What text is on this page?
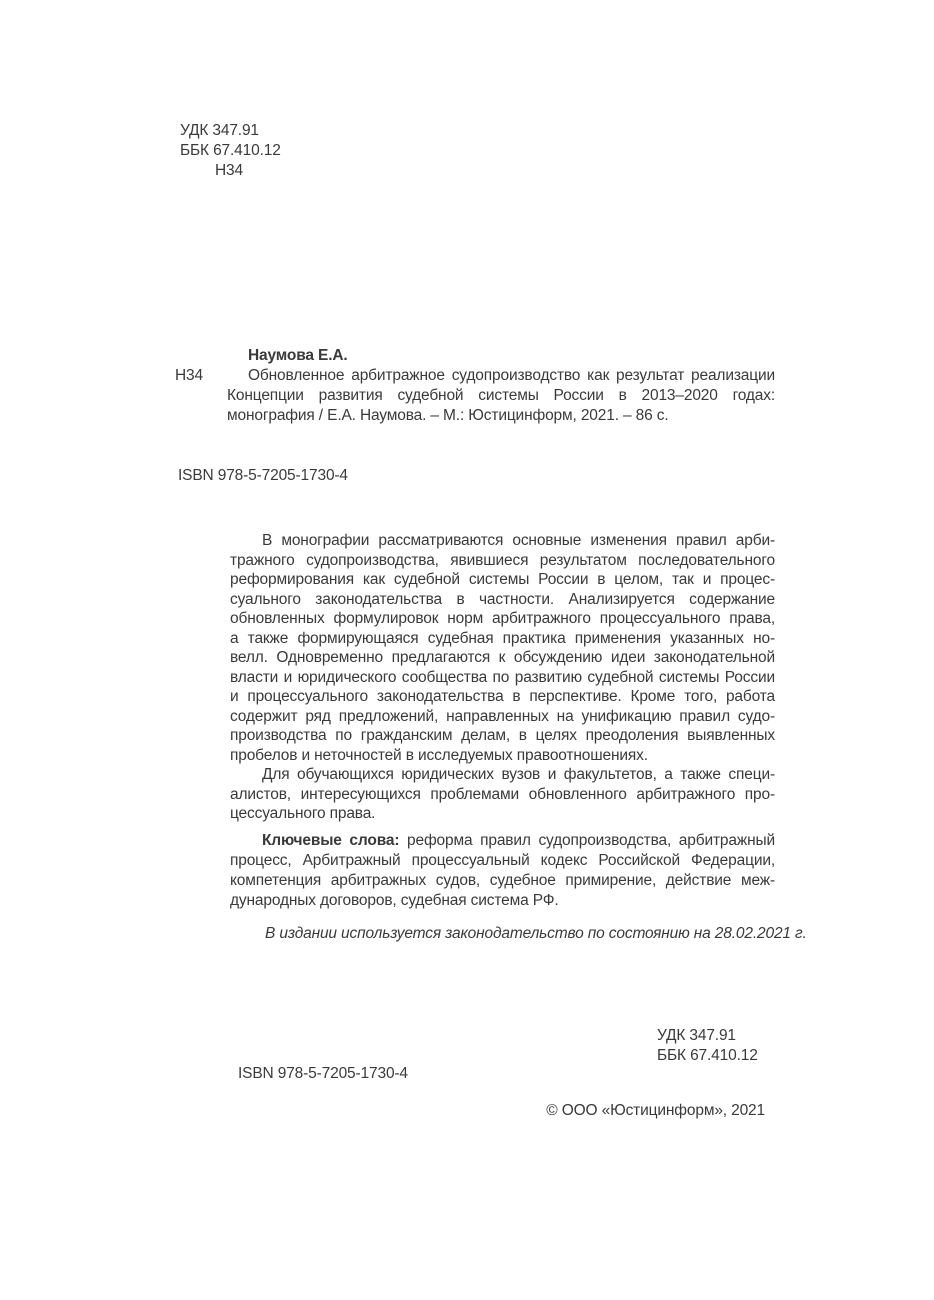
УДК 347.91
ББК 67.410.12
Н34
Н34
Наумова Е.А.
Обновленное арбитражное судопроизводство как результат реализации
Концепции развития судебной системы России в 2013–2020 годах:
монография / Е.А. Наумова. – М.: Юстицинформ, 2021. – 86 с.
ISBN 978-5-7205-1730-4
В монографии рассматриваются основные изменения правил арби-
тражного судопроизводства, явившиеся результатом последовательного
реформирования как судебной системы России в целом, так и процес-
суального законодательства в частности. Анализируется содержание
обновленных формулировок норм арбитражного процессуального права,
а также формирующаяся судебная практика применения указанных но-
велл. Одновременно предлагаются к обсуждению идеи законодательной
власти и юридического сообщества по развитию судебной системы России
и процессуального законодательства в перспективе. Кроме того, работа
содержит ряд предложений, направленных на унификацию правил судо-
производства по гражданским делам, в целях преодоления выявленных
пробелов и неточностей в исследуемых правоотношениях.
Для обучающихся юридических вузов и факультетов, а также специ-
алистов, интересующихся проблемами обновленного арбитражного про-
цессуального права.
Ключевые слова: реформа правил судопроизводства, арбитражный
процесс, Арбитражный процессуальный кодекс Российской Федерации,
компетенция арбитражных судов, судебное примирение, действие меж-
дународных договоров, судебная система РФ.
В издании используется законодательство по состоянию на 28.02.2021 г.
УДК 347.91
ББК 67.410.12
ISBN 978-5-7205-1730-4
© ООО «Юстицинформ», 2021
